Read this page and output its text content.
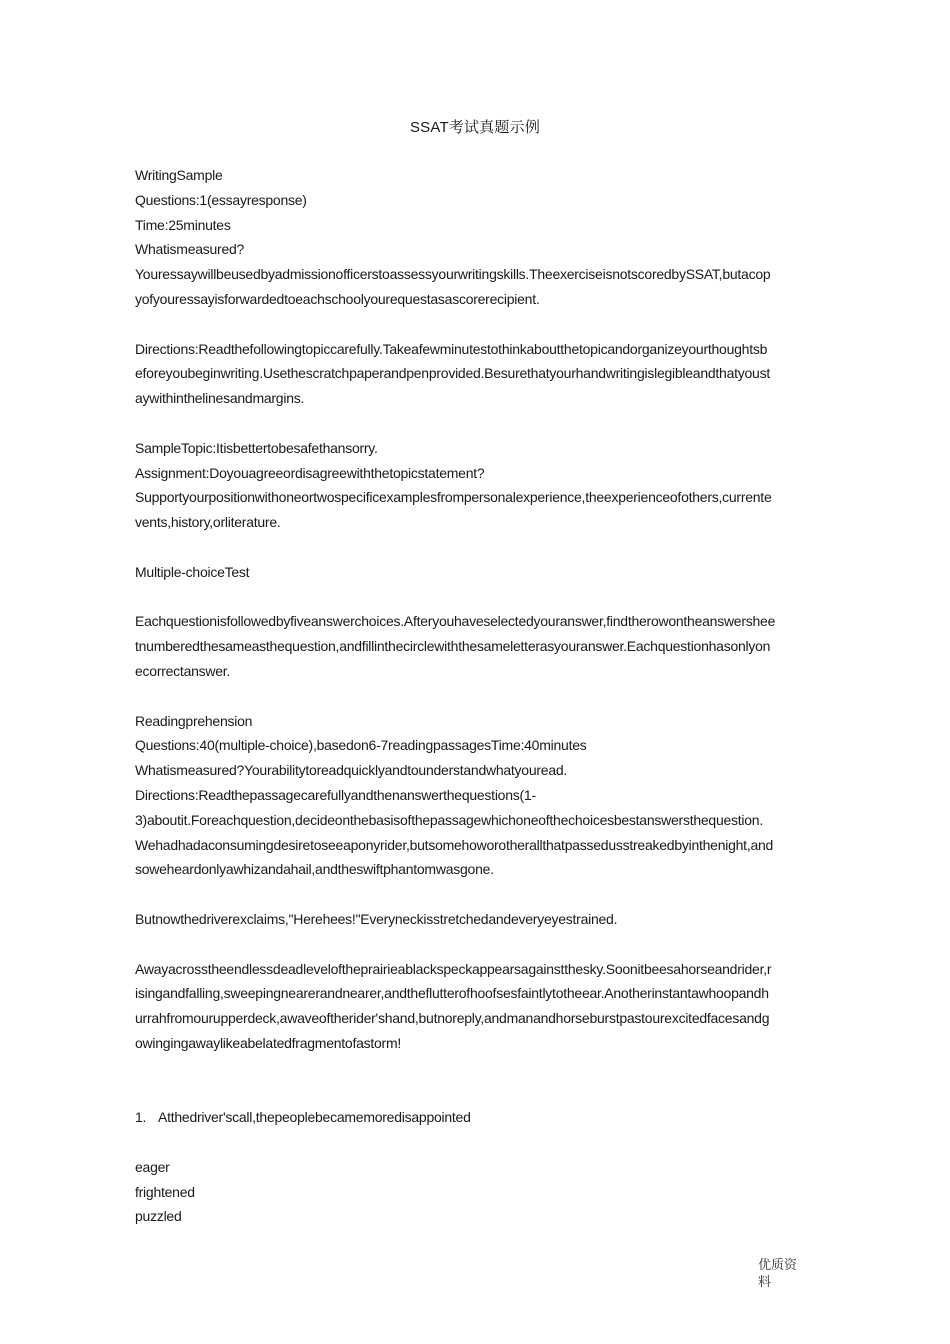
SSAT考试真题示例
WritingSample
Questions:1(essayresponse)
Time:25minutes
Whatismeasured?
Youressaywillbeusedbyadmissionofficerstoassessyourwritingskills.TheexerciseisnotscoredbySSAT,butacop
yofyouressayisforwardedtoeachschoolyourequestasascorerecipient.
Directions:Readthefollowingtopiccarefully.Takeafewminutestothinkaboutthetopicandorganizeyourthoughtsb
eforeyoubeginwriting.Usethescratchpaperandpenprovided.Besurethatyourhandwritingislegibleandthatyoust
aywithinthelinesandmargins.
SampleTopic:Itisbettertobesafethansorry.
Assignment:Doyouagreeordisagreewiththetopicstatement?
Supportyourpositionwithoneortwospecificexamplesfrompersonalexperience,theexperienceofothers,currente
vents,history,orliterature.
Multiple-choiceTest
Eachquestionisfollowedbyfiveanswerchoices.Afteryouhaveselectedyouranswer,findtherowontheanswershee
tnumberedthesameasthequestion,andfillinthecirclewiththesameletterasyouranswer.Eachquestionhasonlyon
ecorrectanswer.
Readingprehension
Questions:40(multiple-choice),basedon6-7readingpassagesTime:40minutes
Whatismeasured?Yourabilitytoreadquicklyandtounderstandwhatyouread.
Directions:Readthepassagecarefullyandthenanswerthequestions(1-
3)aboutit.Foreachquestion,decideonthebasisofthepassagewhichoneofthechoicesbestanswersthequestion.
Wehadhadaconsumingdesiretoseeaponyrider,butsomehoworotherallthatpassedusstreakedbyinthenight,and
soweheardonlyawhizandahail,andtheswiftphantomwasgone.
Butnowthedriverexclaims,"Herehees!"Everyneckisstretchedandeveryeyestrained.
Awayacrosstheendlessdeadleveloftheprairieablackspeckappearsagainstthesky.Soonitbeesahorseandrider,r
isingandfalling,sweepingnearerandnearer,andtheflutterofhoofsesfaintlytotheear.Anotherinstantawhoopandh
urrahfromourupperdeck,awaveoftherider'shand,butnoreply,andmanandhorseburstpastourexcitedfacesandg
owingingawaylikeabelatedfragmentofastorm!
1. Atthedriver'scall,thepeoplebecamemoredisappointed
eager
frightened
puzzled
优质资
料
